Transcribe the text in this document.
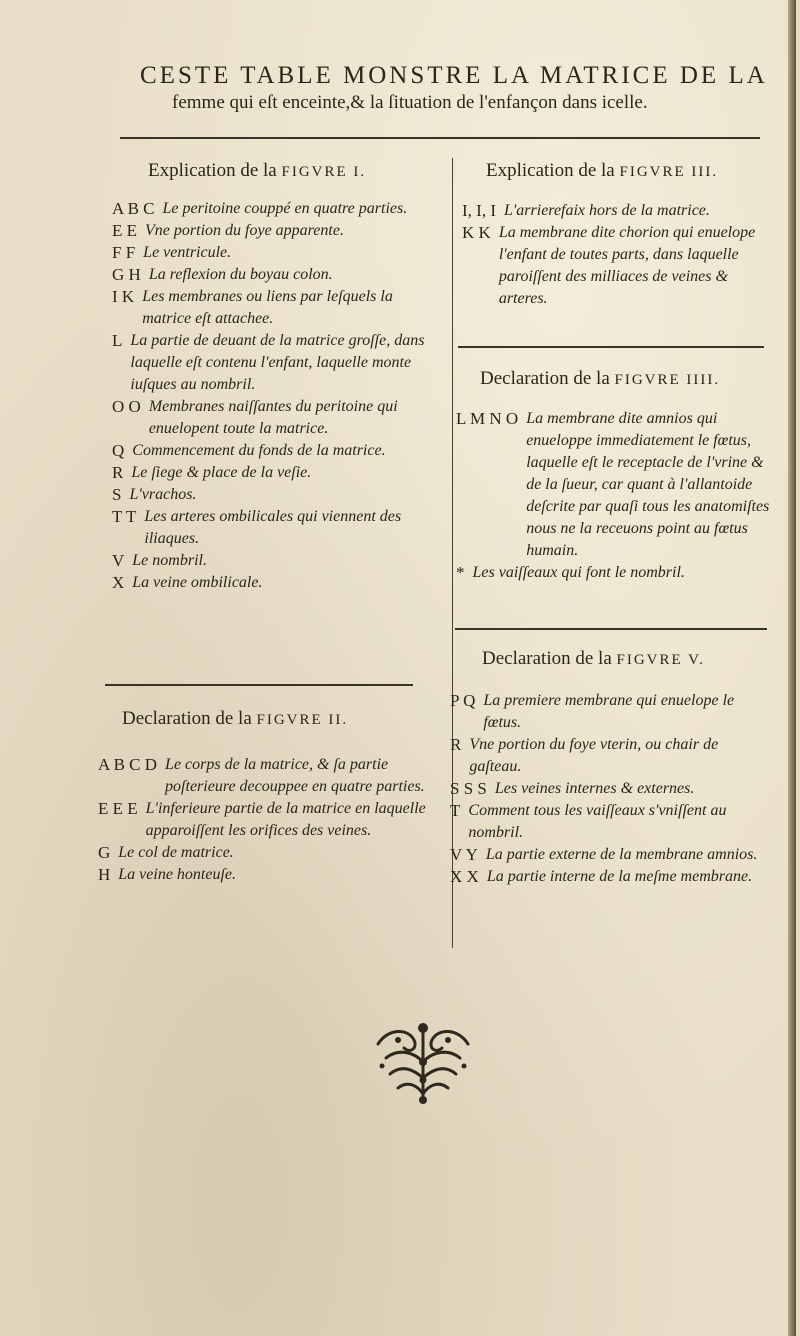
CESTE TABLE MONSTRE LA MATRICE DE LA
femme qui eſt enceinte,& la ſituation de l'enfançon dans icelle.
Explication de la FIGVRE I.
A B C Le peritoine couppé en quatre parties.
E E Vne portion du foye apparente.
F F Le ventricule.
G H La reflexion du boyau colon.
I K Les membranes ou liens par leſquels la matrice eſt attachee.
L La partie de deuant de la matrice groſſe, dans laquelle eſt contenu l'enfant, laquelle monte iuſques au nombril.
O O Membranes naiſſantes du peritoine qui enuelopent toute la matrice.
Q Commencement du fonds de la matrice.
R Le ſiege & place de la veſie.
S L'vrachos.
T T Les arteres ombilicales qui viennent des iliaques.
V Le nombril.
X La veine ombilicale.
Declaration de la FIGVRE II.
A B C D Le corps de la matrice, & ſa partie poſterieure decouppee en quatre parties.
E E E L'inferieure partie de la matrice en laquelle apparoiſſent les orifices des veines.
G Le col de matrice.
H La veine honteuſe.
Explication de la FIGVRE III.
I, I, I L'arrierefaix hors de la matrice.
K K La membrane dite chorion qui enuelope l'enfant de toutes parts, dans laquelle paroiſſent des milliaces de veines & arteres.
Declaration de la FIGVRE IIII.
L M N O La membrane dite amnios qui enueloppe immediatement le fœtus, laquelle eſt le receptacle de l'vrine & de la ſueur, car quant à l'allantoide deſcrite par quaſi tous les anatomiſtes nous ne la receuons point au fœtus humain.
* Les vaiſſeaux qui font le nombril.
Declaration de la FIGVRE V.
P Q La premiere membrane qui enuelope le fœtus.
R Vne portion du foye vterin, ou chair de gaſteau.
S S S Les veines internes & externes.
T Comment tous les vaiſſeaux s'vniſſent au nombril.
V Y La partie externe de la membrane amnios.
X X La partie interne de la meſme membrane.
